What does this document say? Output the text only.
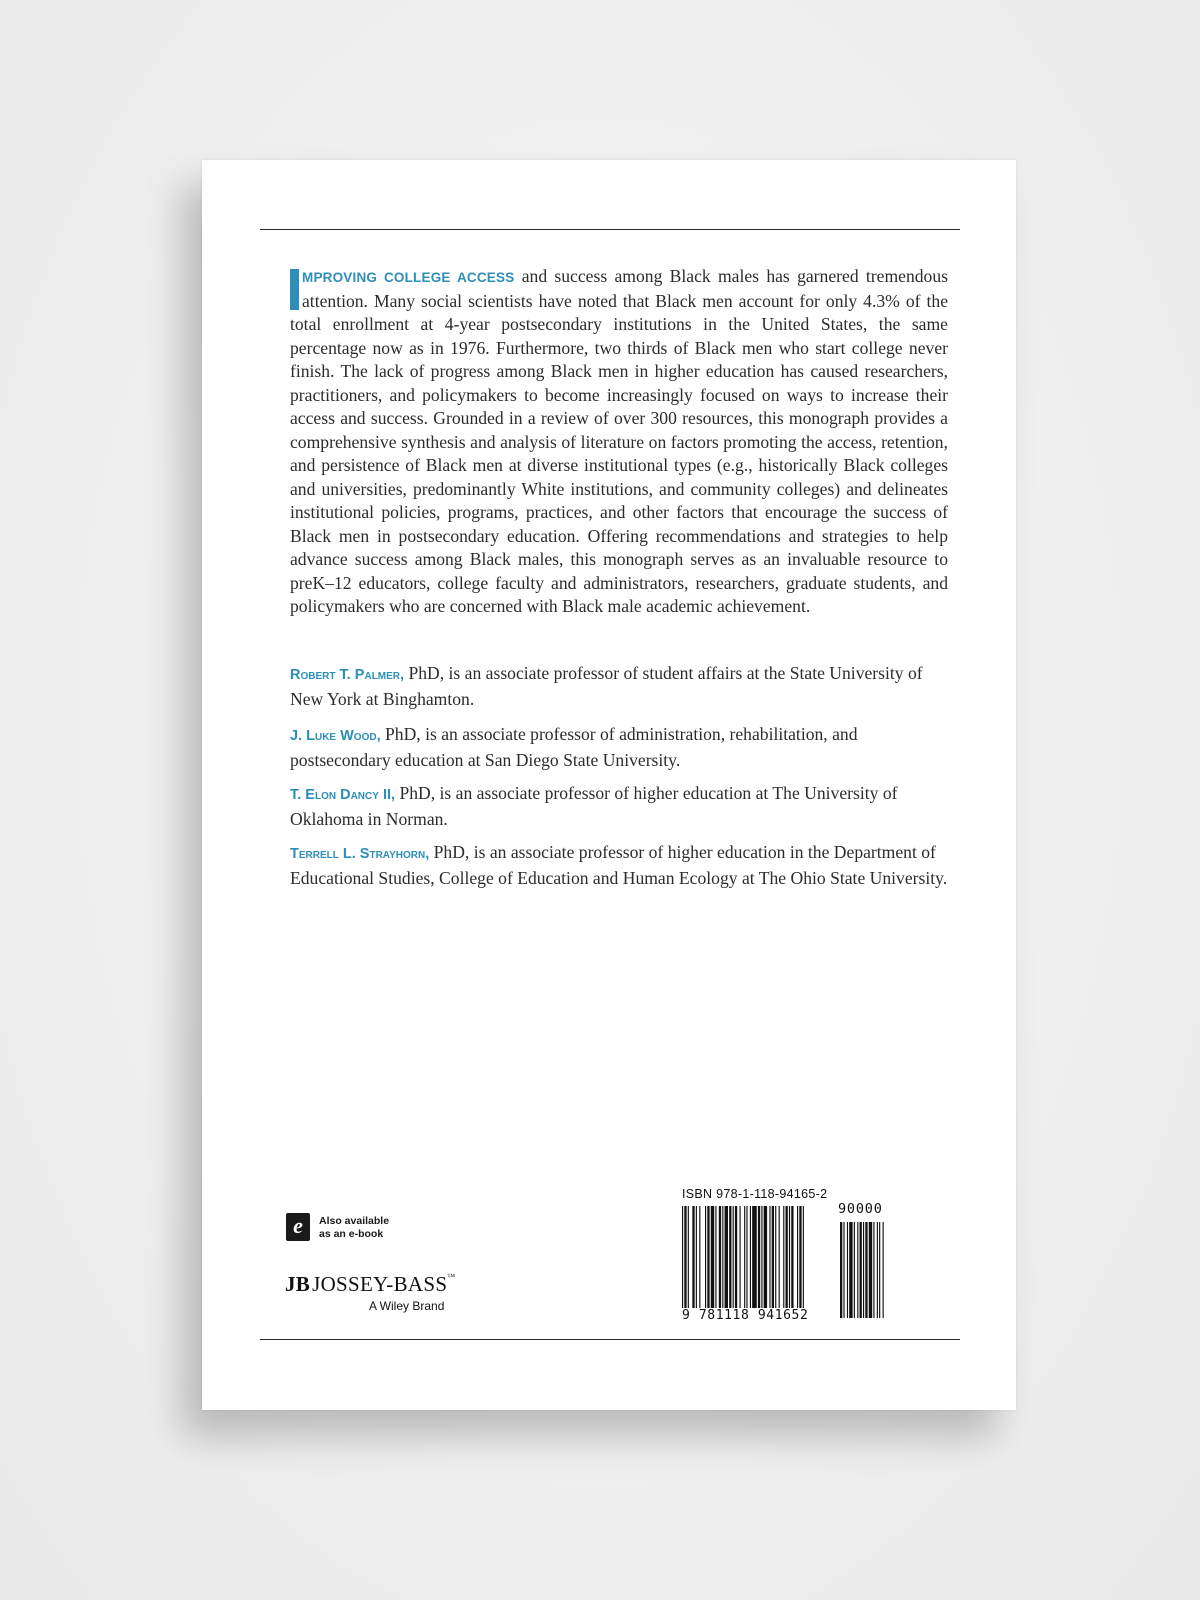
MPROVING COLLEGE ACCESS and success among Black males has garnered tremendous attention. Many social scientists have noted that Black men account for only 4.3% of the total enrollment at 4-year postsecondary institutions in the United States, the same percentage now as in 1976. Furthermore, two thirds of Black men who start college never finish. The lack of progress among Black men in higher education has caused researchers, practitioners, and policymakers to become increasingly focused on ways to increase their access and success. Grounded in a review of over 300 resources, this monograph provides a comprehensive synthesis and analysis of literature on factors promoting the access, retention, and persistence of Black men at diverse institutional types (e.g., historically Black colleges and universities, predominantly White institutions, and community colleges) and delineates institutional policies, programs, practices, and other factors that encourage the success of Black men in postsecondary education. Offering recommendations and strategies to help advance success among Black males, this monograph serves as an invaluable resource to preK–12 educators, college faculty and administrators, researchers, graduate students, and policymakers who are concerned with Black male academic achievement.

Robert T. Palmer, PhD, is an associate professor of student affairs at the State University of New York at Binghamton.

J. Luke Wood, PhD, is an associate professor of administration, rehabilitation, and postsecondary education at San Diego State University.

T. Elon Dancy II, PhD, is an associate professor of higher education at The University of Oklahoma in Norman.

Terrell L. Strayhorn, PhD, is an associate professor of higher education in the Department of Educational Studies, College of Education and Human Ecology at The Ohio State University.

e	Also available
as an e-book
JBJOSSEY-BASS™
A Wiley Brand
ISBN 978-1-118-94165-2
90000
9 781118 941652
